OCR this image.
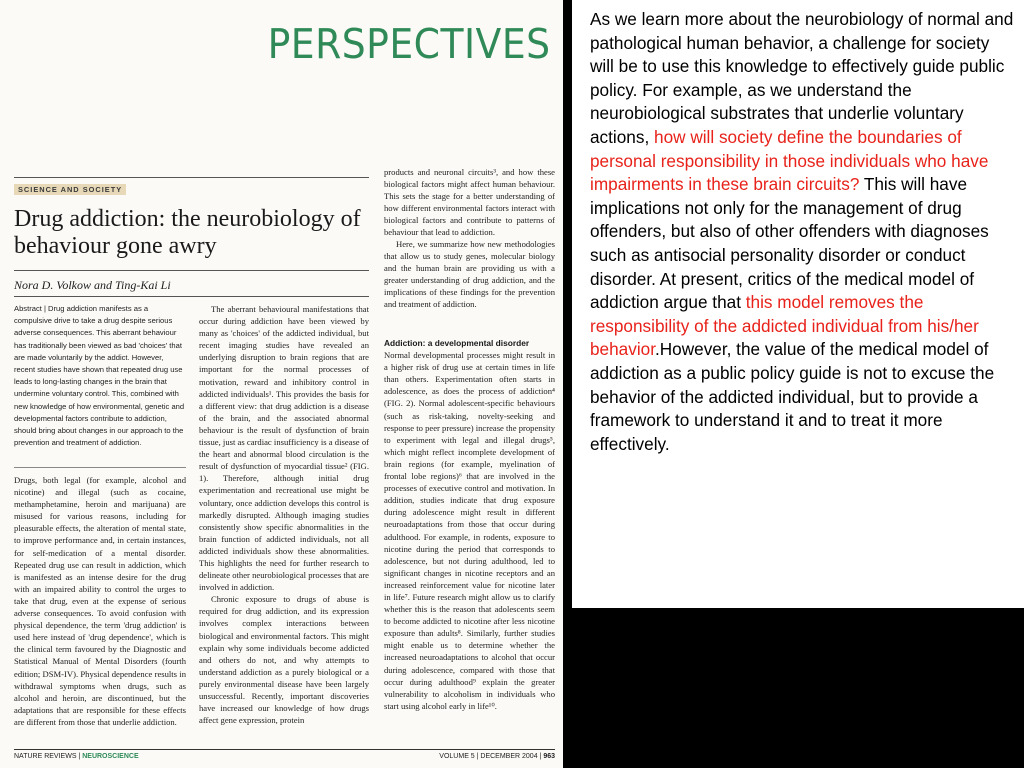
PERSPECTIVES

products and neuronal circuits³, and how these biological factors might affect human behaviour. This sets the stage for a better understanding of how different environmental factors interact with biological factors and contribute to patterns of behaviour that lead to addiction.

Here, we summarize how new methodologies that allow us to study genes, molecular biology and the human brain are providing us with a greater understanding of drug addiction, and the implications of these findings for the prevention and treatment of addiction.

SCIENCE AND SOCIETY
Drug addiction: the neurobiology of behaviour gone awry
Nora D. Volkow and Ting-Kai Li
Abstract | Drug addiction manifests as a compulsive drive to take a drug despite serious adverse consequences. This aberrant behaviour has traditionally been viewed as bad 'choices' that are made voluntarily by the addict. However, recent studies have shown that repeated drug use leads to long-lasting changes in the brain that undermine voluntary control. This, combined with new knowledge of how environmental, genetic and developmental factors contribute to addiction, should bring about changes in our approach to the prevention and treatment of addiction.

Drugs, both legal (for example, alcohol and nicotine) and illegal (such as cocaine, methamphetamine, heroin and marijuana) are misused for various reasons, including for pleasurable effects, the alteration of mental state, to improve performance and, in certain instances, for self-medication of a mental disorder. Repeated drug use can result in addiction, which is manifested as an intense desire for the drug with an impaired ability to control the urges to take that drug, even at the expense of serious adverse consequences. To avoid confusion with physical dependence, the term 'drug addiction' is used here instead of 'drug dependence', which is the clinical term favoured by the Diagnostic and Statistical Manual of Mental Disorders (fourth edition; DSM-IV). Physical dependence results in withdrawal symptoms when drugs, such as alcohol and heroin, are discontinued, but the adaptations that are responsible for these effects are different from those that underlie addiction.

The aberrant behavioural manifestations that occur during addiction have been viewed by many as 'choices' of the addicted individual, but recent imaging studies have revealed an underlying disruption to brain regions that are important for the normal processes of motivation, reward and inhibitory control in addicted individuals¹. This provides the basis for a different view: that drug addiction is a disease of the brain, and the associated abnormal behaviour is the result of dysfunction of brain tissue, just as cardiac insufficiency is a disease of the heart and abnormal blood circulation is the result of dysfunction of myocardial tissue² (FIG. 1). Therefore, although initial drug experimentation and recreational use might be voluntary, once addiction develops this control is markedly disrupted. Although imaging studies consistently show specific abnormalities in the brain function of addicted individuals, not all addicted individuals show these abnormalities. This highlights the need for further research to delineate other neurobiological processes that are involved in addiction.

Chronic exposure to drugs of abuse is required for drug addiction, and its expression involves complex interactions between biological and environmental factors. This might explain why some individuals become addicted and others do not, and why attempts to understand addiction as a purely biological or a purely environmental disease have been largely unsuccessful. Recently, important discoveries have increased our knowledge of how drugs affect gene expression, protein

Addiction: a developmental disorder

Normal developmental processes might result in a higher risk of drug use at certain times in life than others. Experimentation often starts in adolescence, as does the process of addiction⁴ (FIG. 2). Normal adolescent-specific behaviours (such as risk-taking, novelty-seeking and response to peer pressure) increase the propensity to experiment with legal and illegal drugs⁵, which might reflect incomplete development of brain regions (for example, myelination of frontal lobe regions)⁶ that are involved in the processes of executive control and motivation. In addition, studies indicate that drug exposure during adolescence might result in different neuroadaptations from those that occur during adulthood. For example, in rodents, exposure to nicotine during the period that corresponds to adolescence, but not during adulthood, led to significant changes in nicotine receptors and an increased reinforcement value for nicotine later in life⁷. Future research might allow us to clarify whether this is the reason that adolescents seem to become addicted to nicotine after less nicotine exposure than adults⁸. Similarly, further studies might enable us to determine whether the increased neuroadaptations to alcohol that occur during adolescence, compared with those that occur during adulthood⁹ explain the greater vulnerability to alcoholism in individuals who start using alcohol early in life¹⁰.

NATURE REVIEWS | NEUROSCIENCE	VOLUME 5 | DECEMBER 2004 | 963

As we learn more about the neurobiology of normal and pathological human behavior, a challenge for society will be to use this knowledge to effectively guide public policy. For example, as we understand the neurobiological substrates that underlie voluntary actions, how will society define the boundaries of personal responsibility in those individuals who have impairments in these brain circuits? This will have implications not only for the management of drug offenders, but also of other offenders with diagnoses such as antisocial personality disorder or conduct disorder. At present, critics of the medical model of addiction argue that this model removes the responsibility of the addicted individual from his/her behavior.However, the value of the medical model of addiction as a public policy guide is not to excuse the behavior of the addicted individual, but to provide a framework to understand it and to treat it more effectively.
